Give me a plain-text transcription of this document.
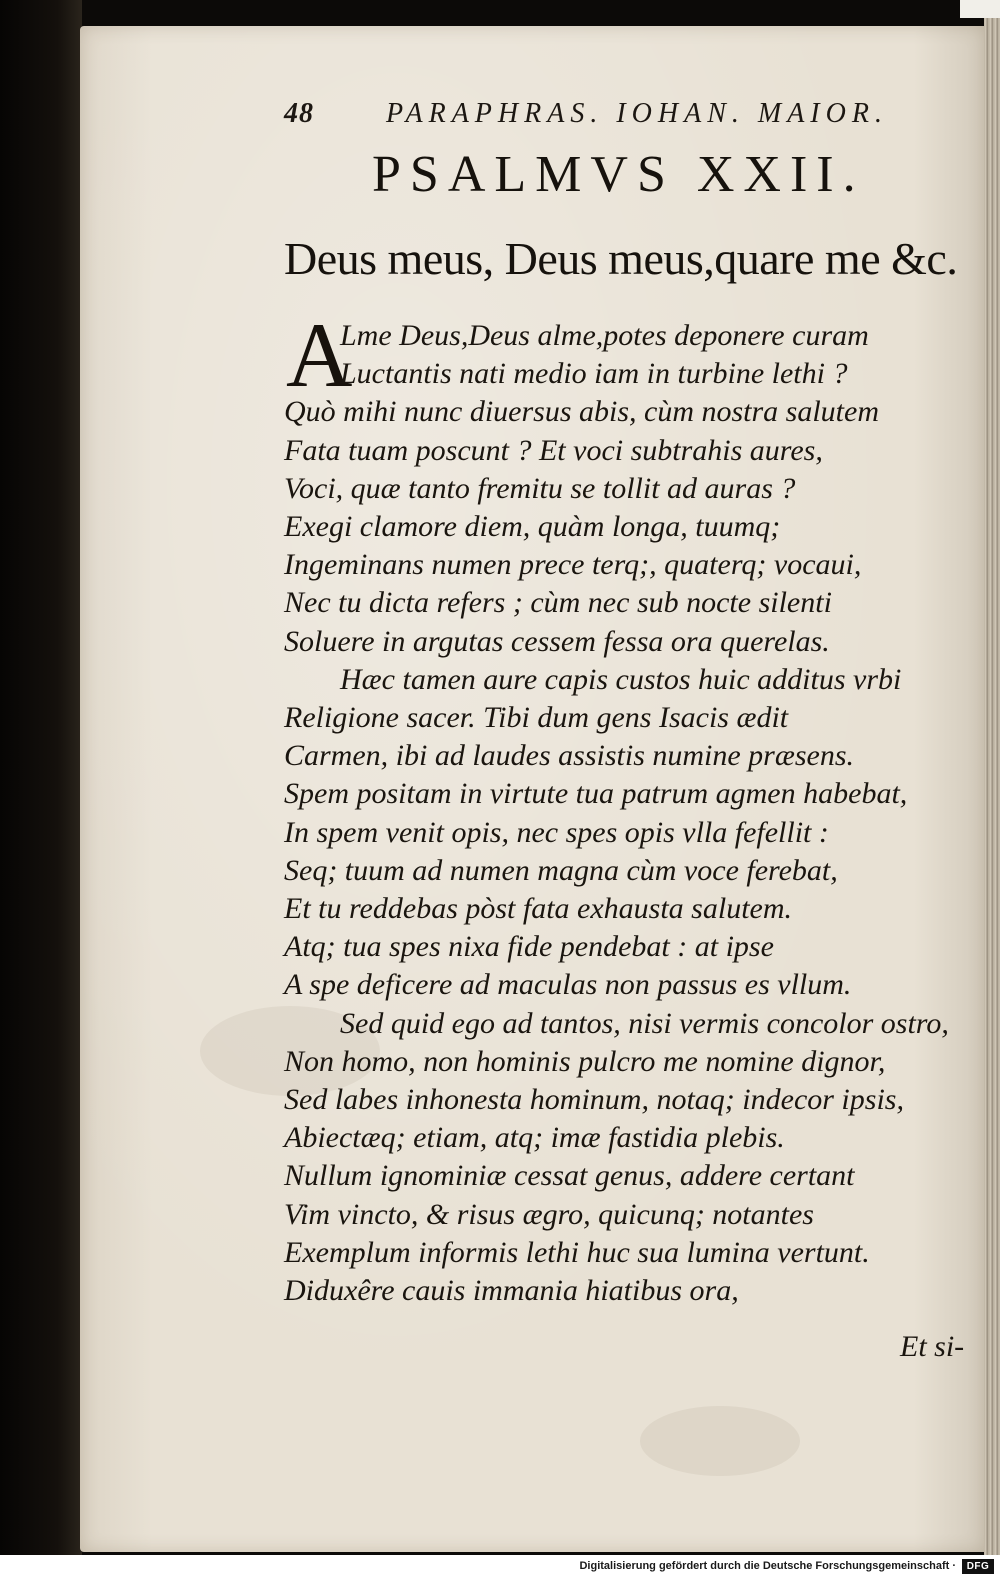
48	PARAPHRAS. IOHAN. MAIOR.
PSALMVS XXII.
Deus meus, Deus meus,quare me &c.
A
Lme Deus,Deus alme,potes deponere curam
Luctantis nati medio iam in turbine lethi ?
Quò mihi nunc diuersus abis, cùm nostra salutem
Fata tuam poscunt ? Et voci subtrahis aures,
Voci, quæ tanto fremitu se tollit ad auras ?
Exegi clamore diem, quàm longa, tuumq;
Ingeminans numen prece terq;, quaterq; vocaui,
Nec tu dicta refers ; cùm nec sub nocte silenti
Soluere in argutas cessem fessa ora querelas.
Hæc tamen aure capis custos huic additus vrbi
Religione sacer. Tibi dum gens Isacis ædit
Carmen, ibi ad laudes assistis numine præsens.
Spem positam in virtute tua patrum agmen habebat,
In spem venit opis, nec spes opis vlla fefellit :
Seq; tuum ad numen magna cùm voce ferebat,
Et tu reddebas pòst fata exhausta salutem.
Atq; tua spes nixa fide pendebat : at ipse
A spe deficere ad maculas non passus es vllum.
Sed quid ego ad tantos, nisi vermis concolor ostro,
Non homo, non hominis pulcro me nomine dignor,
Sed labes inhonesta hominum, notaq; indecor ipsis,
Abiectæq; etiam, atq; imæ fastidia plebis.
Nullum ignominiæ cessat genus, addere certant
Vim vincto, & risus ægro, quicunq; notantes
Exemplum informis lethi huc sua lumina vertunt.
Diduxêre cauis immania hiatibus ora,
Et si-
Digitalisierung gefördert durch die Deutsche Forschungsgemeinschaft ·	DFG
